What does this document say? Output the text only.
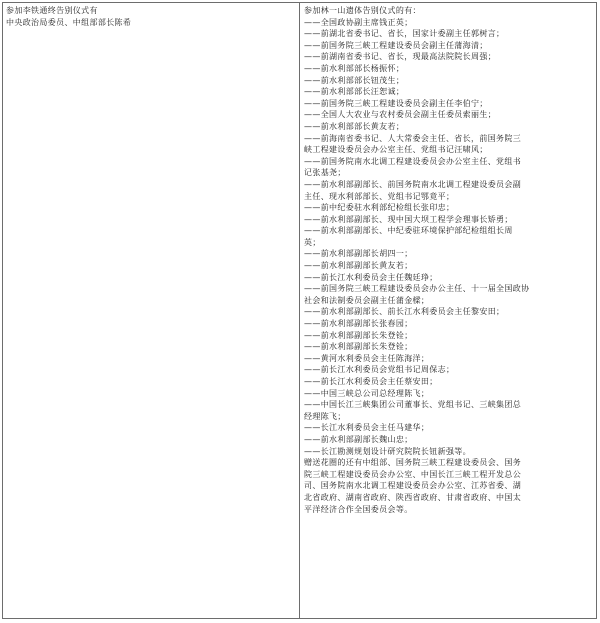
参加李铁通终告别仪式有
中央政治局委员、中组部部长陈希
参加林一山遗体告别仪式的有：
——全国政协副主席钱正英；
——前湖北省委书记、省长，国家计委副主任郭树言；
——前国务院三峡工程建设委员会副主任蒲海清；
——前湖南省委书记、省长，现最高法院院长周强；
——前水利部部长杨振怀；
——前水利部部长钮茂生；
——前水利部部长汪恕诚；
——前国务院三峡工程建设委员会副主任李伯宁；
——全国人大农业与农村委员会副主任委员索丽生；
——前水利部部长黄友若；
——前海南省委书记、人大常委会主任、省长，前国务院三
峡工程建设委员会办公室主任、党组书记汪啸风；
——前国务院南水北调工程建设委员会办公室主任、党组书
记张基尧；
——前水利部副部长、前国务院南水北调工程建设委员会副
主任、现水利部部长、党组书记鄂竟平；
——前中纪委驻水利部纪检组长张印忠；
——前水利部副部长、现中国大坝工程学会理事长矫勇；
——前水利部副部长、中纪委驻环境保护部纪检组组长周
英；
——前水利部副部长胡四一；
——前水利部副部长黄友若；
——前长江水利委员会主任魏廷琤；
——前国务院三峡工程建设委员会办公主任、十一届全国政协
社会和法制委员会副主任蒲金樑；
——前水利部副部长、前长江水利委员会主任黎安田；
——前水利部副部长张春园；
——前水利部副部长朱登铨；
——前水利部副部长朱登铨；
——黄河水利委员会主任陈海洋；
——前长江水利委员会党组书记周保志；
——前长江水利委员会主任蔡安田；
——中国三峡总公司总经理陈飞；
——中国长江三峡集团公司董事长、党组书记、三峡集团总
经理陈飞；
——长江水利委员会主任马建华；
——前水利部副部长魏山忠；
——长江勘测规划设计研究院院长钮新强等。
赠送花圈的还有中组部、国务院三峡工程建设委员会、国务
院三峡工程建设委员会办公室、中国长江三峡工程开发总公
司、国务院南水北调工程建设委员会办公室、江苏省委、湖
北省政府、湖南省政府、陕西省政府、甘肃省政府、中国太
平洋经济合作全国委员会等。
